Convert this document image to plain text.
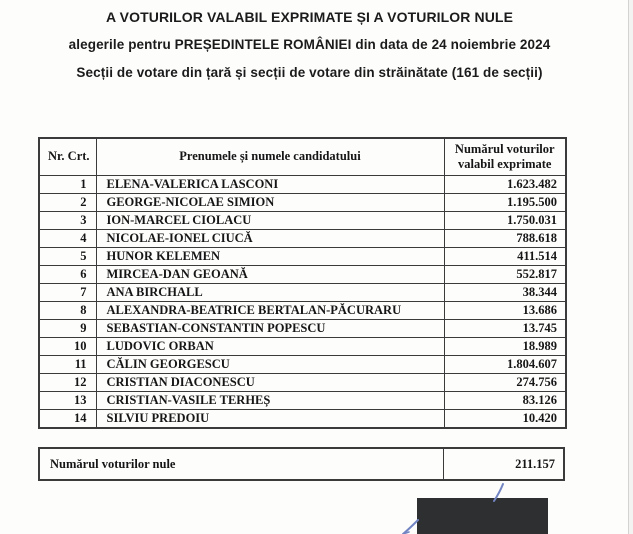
A VOTURILOR VALABIL EXPRIMATE ȘI A VOTURILOR NULE
alegerile pentru PREȘEDINTELE ROMÂNIEI din data de 24 noiembrie 2024
Secții de votare din țară și secții de votare din străinătate (161 de secții)
Nr. Crt.	Prenumele și numele candidatului	Numărul voturilor valabil exprimate
1	ELENA-VALERICA LASCONI	1.623.482
2	GEORGE-NICOLAE SIMION	1.195.500
3	ION-MARCEL CIOLACU	1.750.031
4	NICOLAE-IONEL CIUCĂ	788.618
5	HUNOR KELEMEN	411.514
6	MIRCEA-DAN GEOANĂ	552.817
7	ANA BIRCHALL	38.344
8	ALEXANDRA-BEATRICE BERTALAN-PĂCURARU	13.686
9	SEBASTIAN-CONSTANTIN POPESCU	13.745
10	LUDOVIC ORBAN	18.989
11	CĂLIN GEORGESCU	1.804.607
12	CRISTIAN DIACONESCU	274.756
13	CRISTIAN-VASILE TERHEȘ	83.126
14	SILVIU PREDOIU	10.420
Numărul voturilor nule	211.157
